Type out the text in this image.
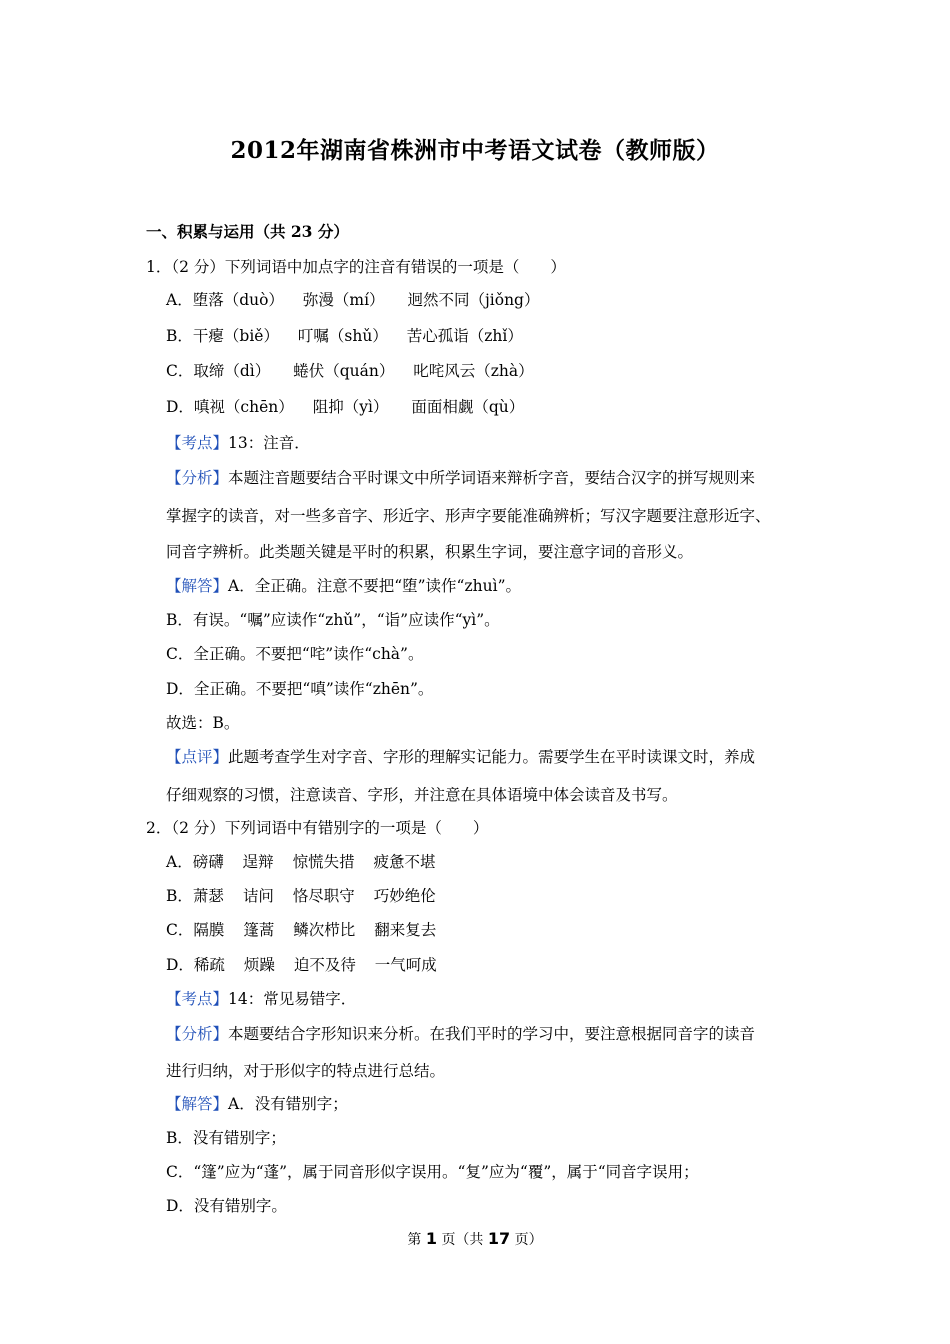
2012年湖南省株洲市中考语文试卷（教师版）
一、积累与运用（共 23 分）
1．（2 分）下列词语中加点字的注音有错误的一项是（　　）
A．堕落（duò） 弥漫（mí） 迥然不同（jiǒng）
B．干瘪（biě） 叮嘱（shǔ） 苦心孤诣（zhǐ）
C．取缔（dì） 蜷伏（quán） 叱咤风云（zhà）
D．嗔视（chēn） 阻抑（yì） 面面相觑（qù）
【考点】13：注音．
【分析】本题注音题要结合平时课文中所学词语来辩析字音，要结合汉字的拼写规则来
掌握字的读音，对一些多音字、形近字、形声字要能准确辨析；写汉字题要注意形近字、
同音字辨析。此类题关键是平时的积累，积累生字词，要注意字词的音形义。
【解答】A．全正确。注意不要把“堕”读作“zhuì”。
B．有误。“嘱”应读作“zhǔ”，“诣”应读作“yì”。
C．全正确。不要把“咤”读作“chà”。
D．全正确。不要把“嗔”读作“zhēn”。
故选：B。
【点评】此题考查学生对字音、字形的理解实记能力。需要学生在平时读课文时，养成
仔细观察的习惯，注意读音、字形，并注意在具体语境中体会读音及书写。
2．（2 分）下列词语中有错别字的一项是（　　）
A．磅礴 逞辩 惊慌失措 疲惫不堪
B．萧瑟 诘问 恪尽职守 巧妙绝伦
C．隔膜 篷蒿 鳞次栉比 翻来复去
D．稀疏 烦躁 迫不及待 一气呵成
【考点】14：常见易错字．
【分析】本题要结合字形知识来分析。在我们平时的学习中，要注意根据同音字的读音
进行归纳，对于形似字的特点进行总结。
【解答】A．没有错别字；
B．没有错别字；
C．“篷”应为“蓬”，属于同音形似字误用。“复”应为“覆”，属于“同音字误用；
D．没有错别字。
第 1 页（共 17 页）
